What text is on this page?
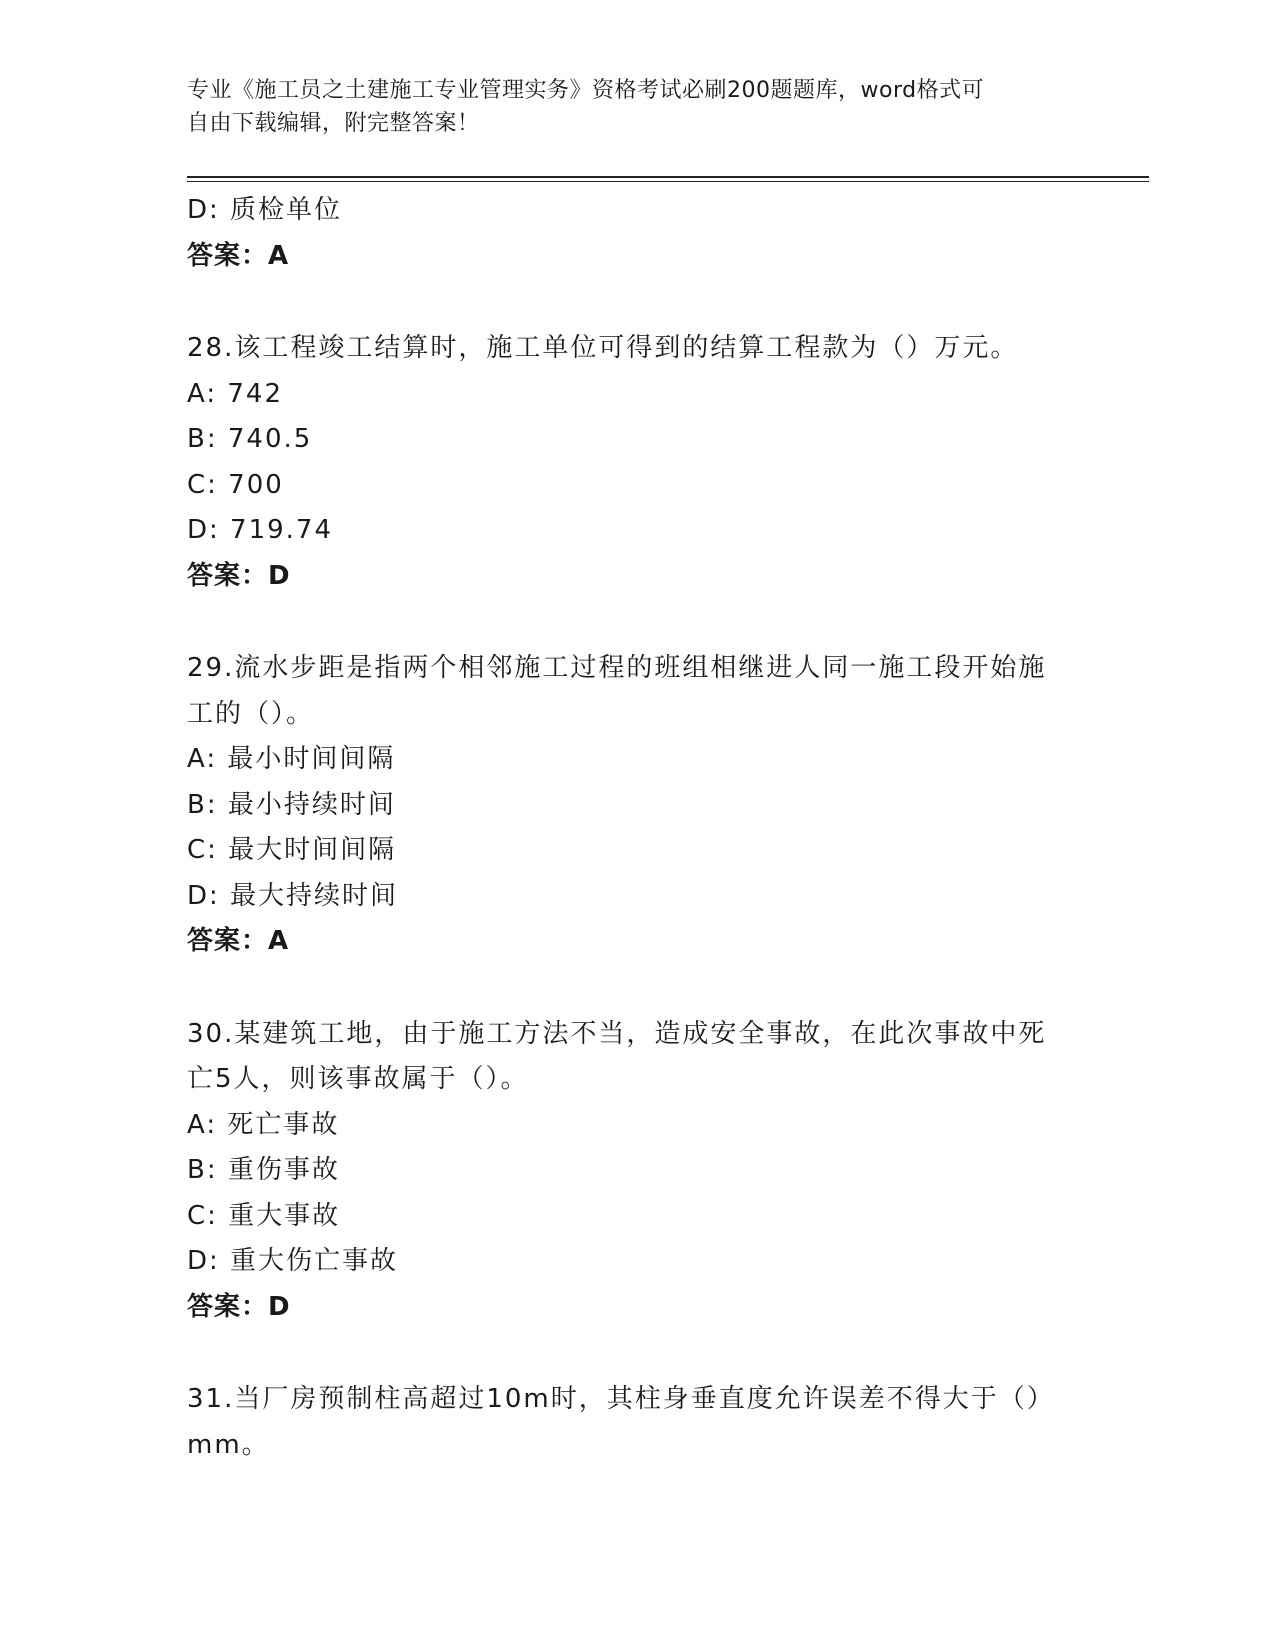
专业《施工员之土建施工专业管理实务》资格考试必刷200题题库，word格式可
自由下载编辑，附完整答案！
D: 质检单位
答案：A
28.该工程竣工结算时，施工单位可得到的结算工程款为（）万元。
A: 742
B: 740.5
C: 700
D: 719.74
答案：D
29.流水步距是指两个相邻施工过程的班组相继进人同一施工段开始施
工的（）。
A: 最小时间间隔
B: 最小持续时间
C: 最大时间间隔
D: 最大持续时间
答案：A
30.某建筑工地，由于施工方法不当，造成安全事故，在此次事故中死
亡5人，则该事故属于（）。
A: 死亡事故
B: 重伤事故
C: 重大事故
D: 重大伤亡事故
答案：D
31.当厂房预制柱高超过10m时，其柱身垂直度允许误差不得大于（）
mm。
